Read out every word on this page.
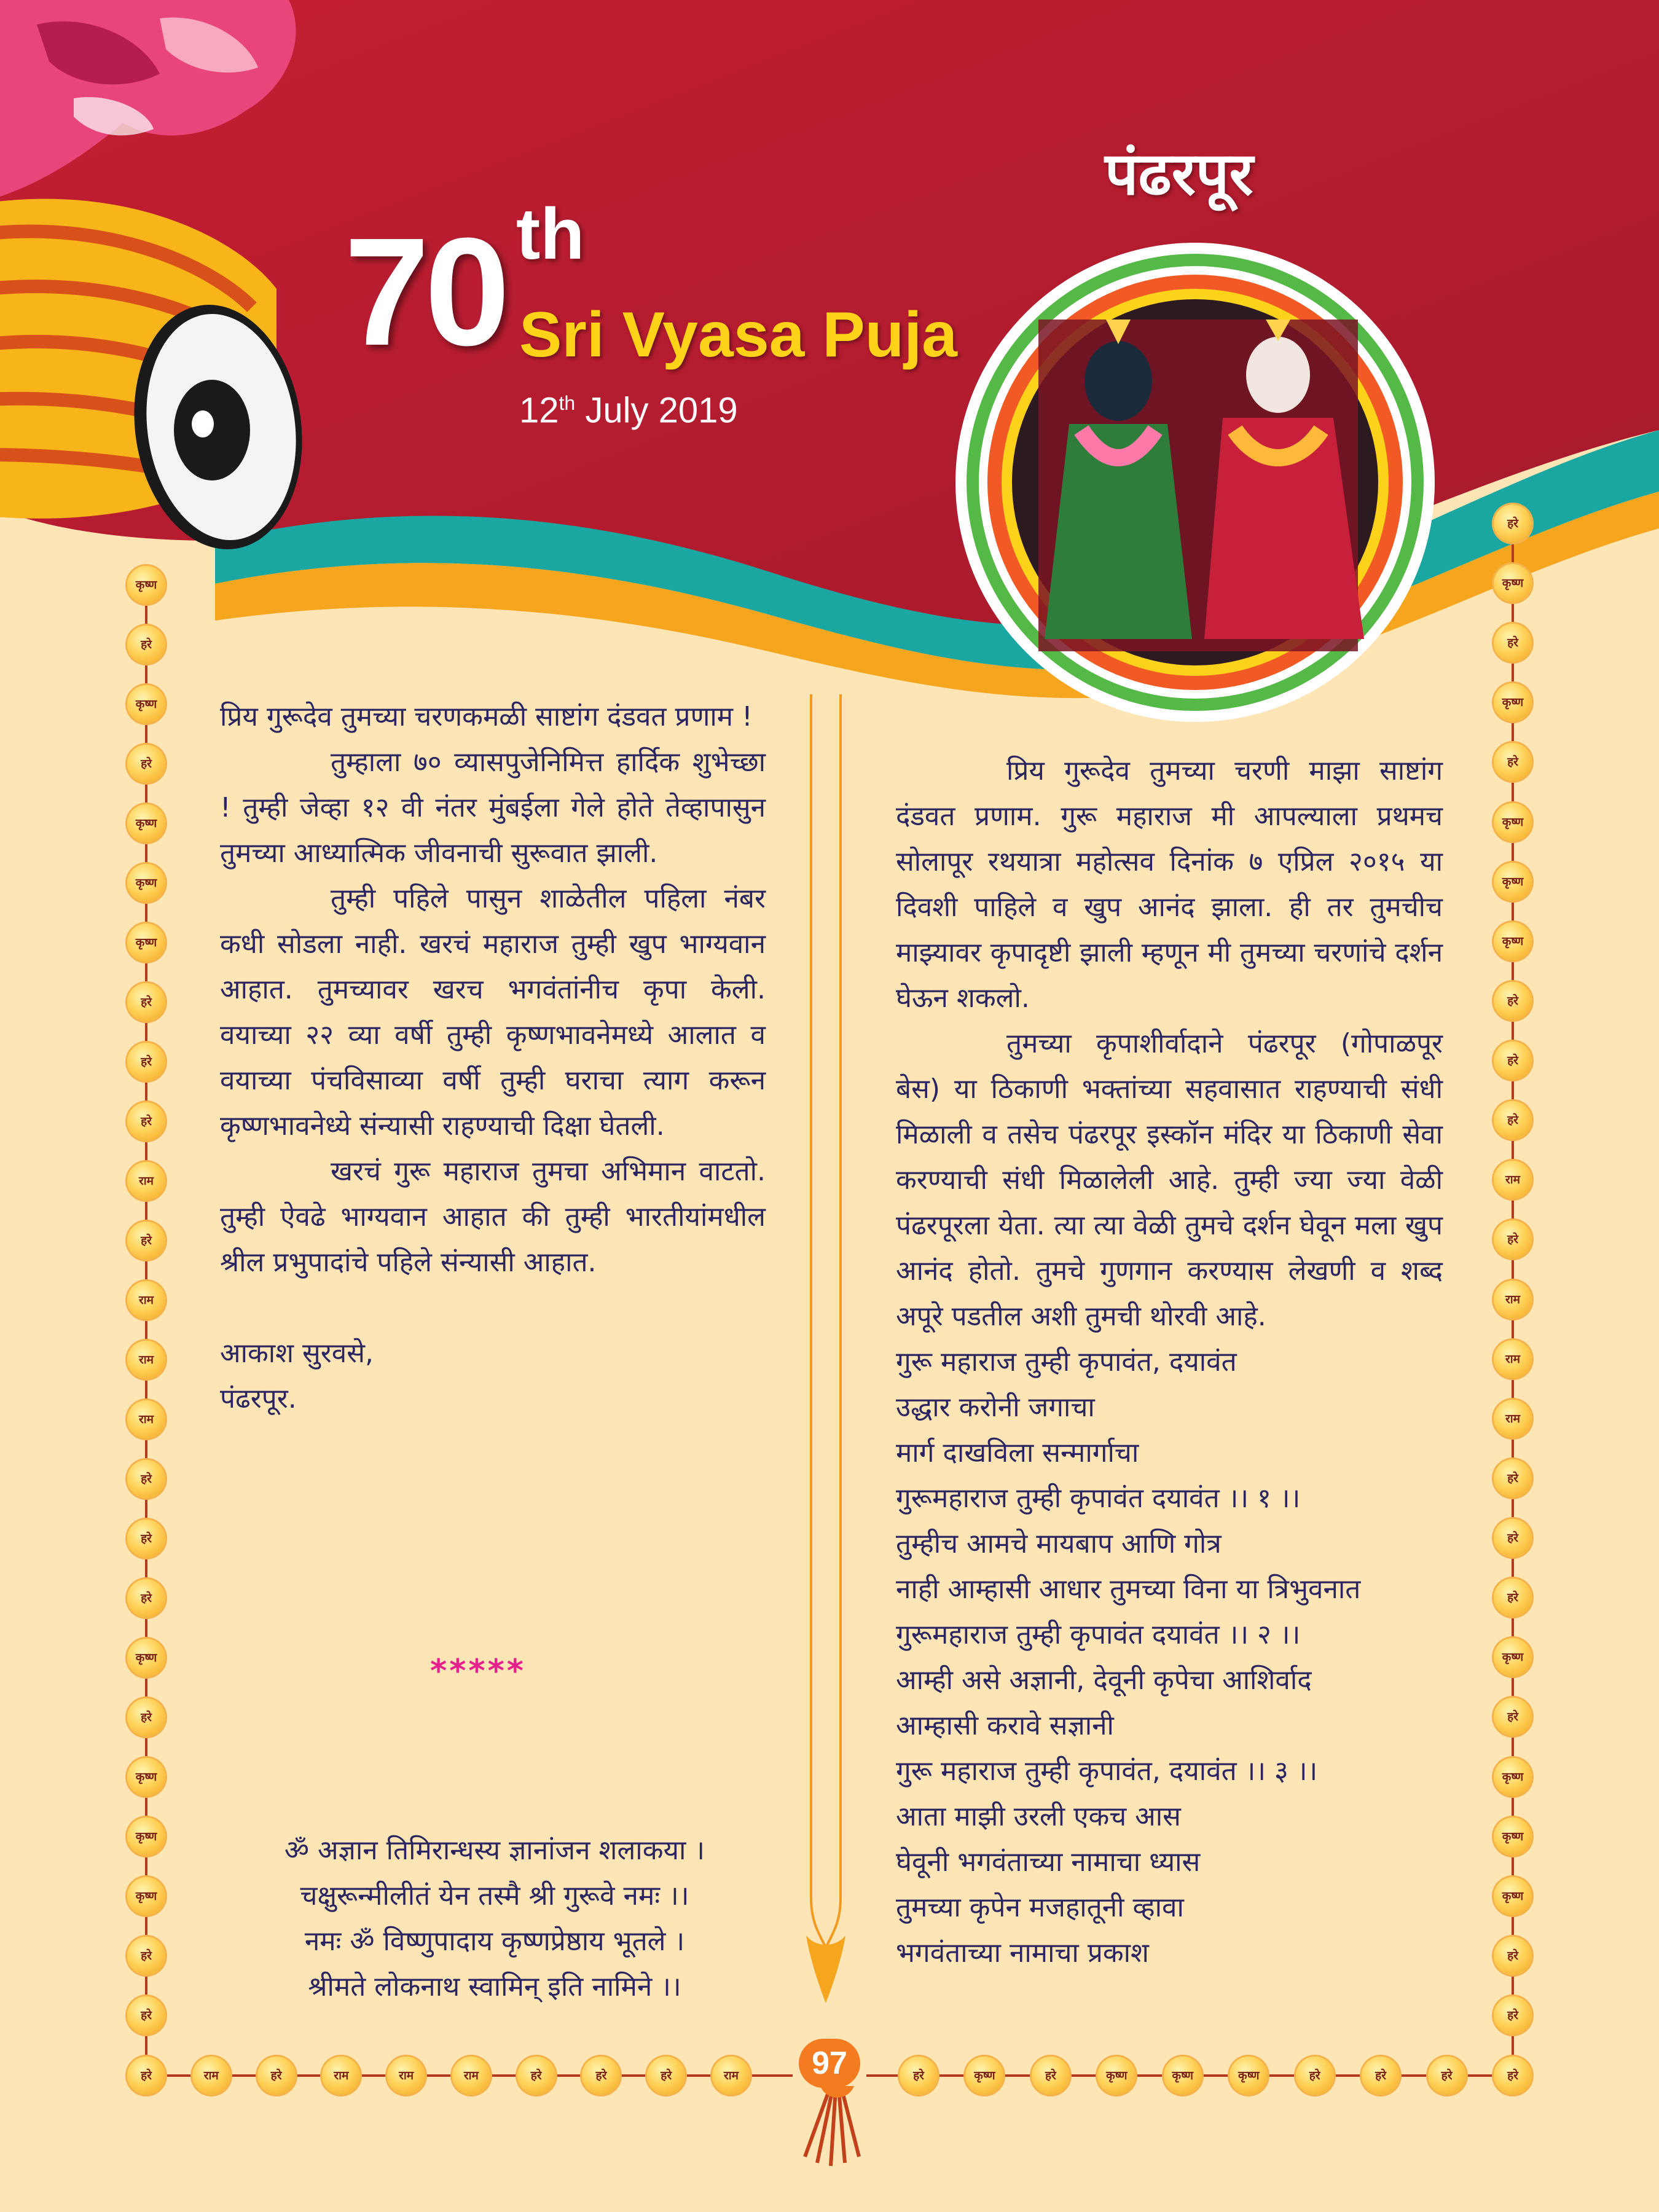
70 th
Sri Vyasa Puja
12th July 2019
पंढरपूर

प्रिय गुरूदेव तुमच्या चरणकमळी साष्टांग दंडवत प्रणाम !

तुम्हाला ७० व्यासपुजेनिमित्त हार्दिक शुभेच्छा ! तुम्ही जेव्हा १२ वी नंतर मुंबईला गेले होते तेव्हापासुन तुमच्या आध्यात्मिक जीवनाची सुरूवात झाली.

तुम्ही पहिले पासुन शाळेतील पहिला नंबर कधी सोडला नाही. खरचं महाराज तुम्ही खुप भाग्यवान आहात. तुमच्यावर खरच भगवंतांनीच कृपा केली. वयाच्या २२ व्या वर्षी तुम्ही कृष्णभावनेमध्ये आलात व वयाच्या पंचविसाव्या वर्षी तुम्ही घराचा त्याग करून कृष्णभावनेध्ये संन्यासी राहण्याची दिक्षा घेतली.

खरचं गुरू महाराज तुमचा अभिमान वाटतो. तुम्ही ऐवढे भाग्यवान आहात की तुम्ही भारतीयांमधील श्रील प्रभुपादांचे पहिले संन्यासी आहात.

आकाश सुरवसे,

पंढरपूर.

*****
ॐ अज्ञान तिमिरान्धस्य ज्ञानांजन शलाकया ।
चक्षुरून्मीलीतं येन तस्मै श्री गुरूवे नमः ।।
नमः ॐ विष्णुपादाय कृष्णप्रेष्ठाय भूतले ।
श्रीमते लोकनाथ स्वामिन् इति नामिने ।।

प्रिय गुरूदेव तुमच्या चरणी माझा साष्टांग दंडवत प्रणाम. गुरू महाराज मी आपल्याला प्रथमच सोलापूर रथयात्रा महोत्सव दिनांक ७ एप्रिल २०१५ या दिवशी पाहिले व खुप आनंद झाला. ही तर तुमचीच माझ्यावर कृपादृष्टी झाली म्हणून मी तुमच्या चरणांचे दर्शन घेऊन शकलो.

तुमच्या कृपाशीर्वादाने पंढरपूर (गोपाळपूर बेस) या ठिकाणी भक्तांच्या सहवासात राहण्याची संधी मिळाली व तसेच पंढरपूर इस्कॉन मंदिर या ठिकाणी सेवा करण्याची संधी मिळालेली आहे. तुम्ही ज्या ज्या वेळी पंढरपूरला येता. त्या त्या वेळी तुमचे दर्शन घेवून मला खुप आनंद होतो. तुमचे गुणगान करण्यास लेखणी व शब्द अपूरे पडतील अशी तुमची थोरवी आहे.

गुरू महाराज तुम्ही कृपावंत, दयावंत

उद्धार करोनी जगाचा

मार्ग दाखविला सन्मार्गाचा

गुरूमहाराज तुम्ही कृपावंत दयावंत ।। १ ।।

तुम्हीच आमचे मायबाप आणि गोत्र

नाही आम्हासी आधार तुमच्या विना या त्रिभुवनात

गुरूमहाराज तुम्ही कृपावंत दयावंत ।। २ ।।

आम्ही असे अज्ञानी, देवूनी कृपेचा आशिर्वाद

आम्हासी करावे सज्ञानी

गुरू महाराज तुम्ही कृपावंत, दयावंत ।। ३ ।।

आता माझी उरली एकच आस

घेवूनी भगवंताच्या नामाचा ध्यास

तुमच्या कृपेन मजहातूनी व्हावा

भगवंताच्या नामाचा प्रकाश

कृष्ण
हरे
कृष्ण
हरे
कृष्ण
कृष्ण
कृष्ण
हरे
हरे
हरे
राम
हरे
राम
राम
राम
हरे
हरे
हरे
कृष्ण
हरे
कृष्ण
कृष्ण
कृष्ण
हरे
हरे
हरे
कृष्ण
हरे
कृष्ण
हरे
कृष्ण
कृष्ण
कृष्ण
हरे
हरे
हरे
राम
हरे
राम
राम
राम
हरे
हरे
हरे
कृष्ण
हरे
कृष्ण
कृष्ण
कृष्ण
हरे
हरे
हरे	राम	हरे	राम	राम	राम	हरे	हरे	हरे	राम	हरे	कृष्ण	हरे	कृष्ण	कृष्ण	कृष्ण	हरे	हरे	हरे	हरे
97
